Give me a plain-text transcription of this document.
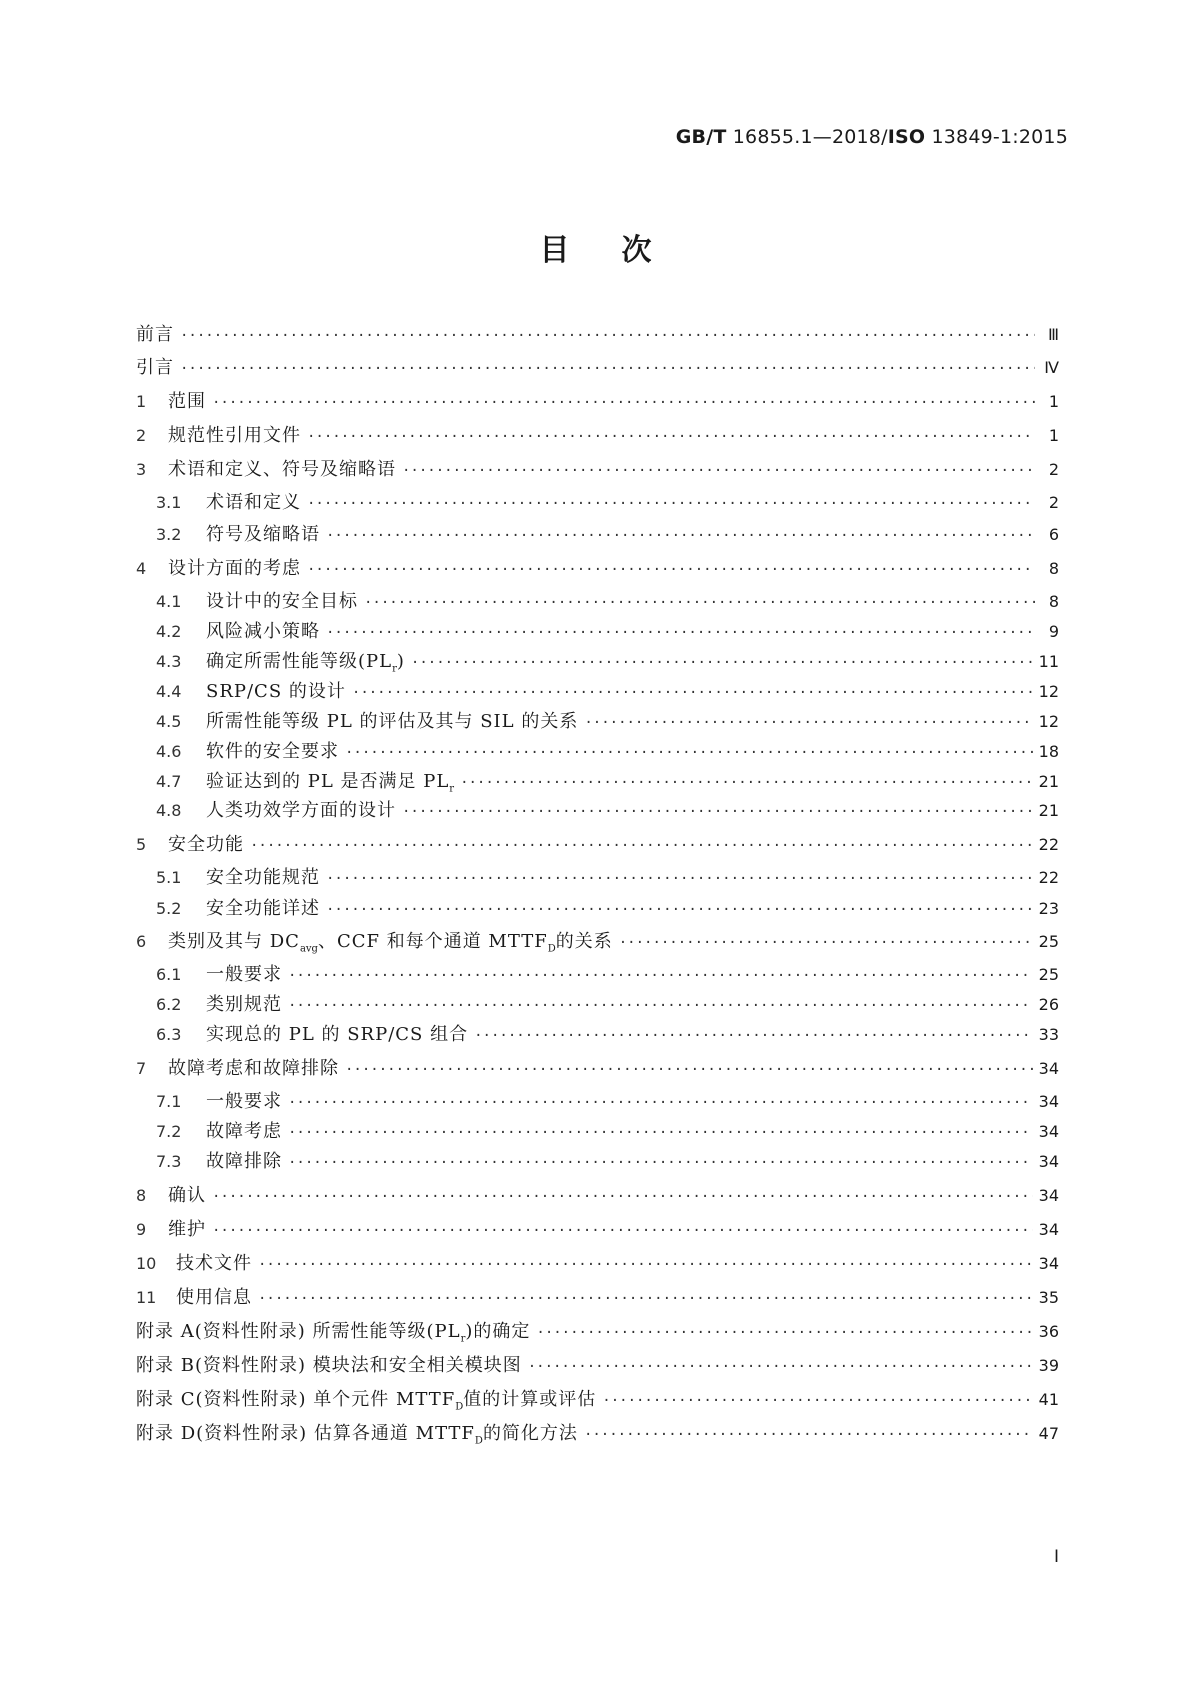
GB/T 16855.1—2018/ISO 13849-1:2015
目次
前言 ·····	Ⅲ
引言 ·····	Ⅳ
1	范围 ·····	1
2	规范性引用文件 ·····	1
3	术语和定义、符号及缩略语 ·····	2
3.1	术语和定义 ·····	2
3.2	符号及缩略语 ·····	6
4	设计方面的考虑 ·····	8
4.1	设计中的安全目标 ·····	8
4.2	风险减小策略 ·····	9
4.3	确定所需性能等级$(PL_r)$ ·····	11
4.4	SRP/CS 的设计 ·····	12
4.5	所需性能等级 PL 的评估及其与 SIL 的关系 ·····	12
4.6	软件的安全要求 ·····	18
4.7	验证达到的 PL 是否满足 $PL_r$ ·····	21
4.8	人类功效学方面的设计 ·····	21
5	安全功能 ·····	22
5.1	安全功能规范 ·····	22
5.2	安全功能详述 ·····	23
6	类别及其与 $DC_{avg}$、CCF 和每个通道 $MTTF_D$的关系 ·····	25
6.1	一般要求 ·····	25
6.2	类别规范 ·····	26
6.3	实现总的 PL 的 SRP/CS 组合 ·····	33
7	故障考虑和故障排除 ·····	34
7.1	一般要求 ·····	34
7.2	故障考虑 ·····	34
7.3	故障排除 ·····	34
8	确认 ·····	34
9	维护 ·····	34
10	技术文件 ·····	34
11	使用信息 ·····	35
附录 A(资料性附录) 所需性能等级$(PL_r)$的确定 ·····	36
附录 B(资料性附录) 模块法和安全相关模块图 ·····	39
附录 C(资料性附录) 单个元件 $MTTF_D$值的计算或评估 ·····	41
附录 D(资料性附录) 估算各通道 $MTTF_D$的简化方法 ·····	47
I
